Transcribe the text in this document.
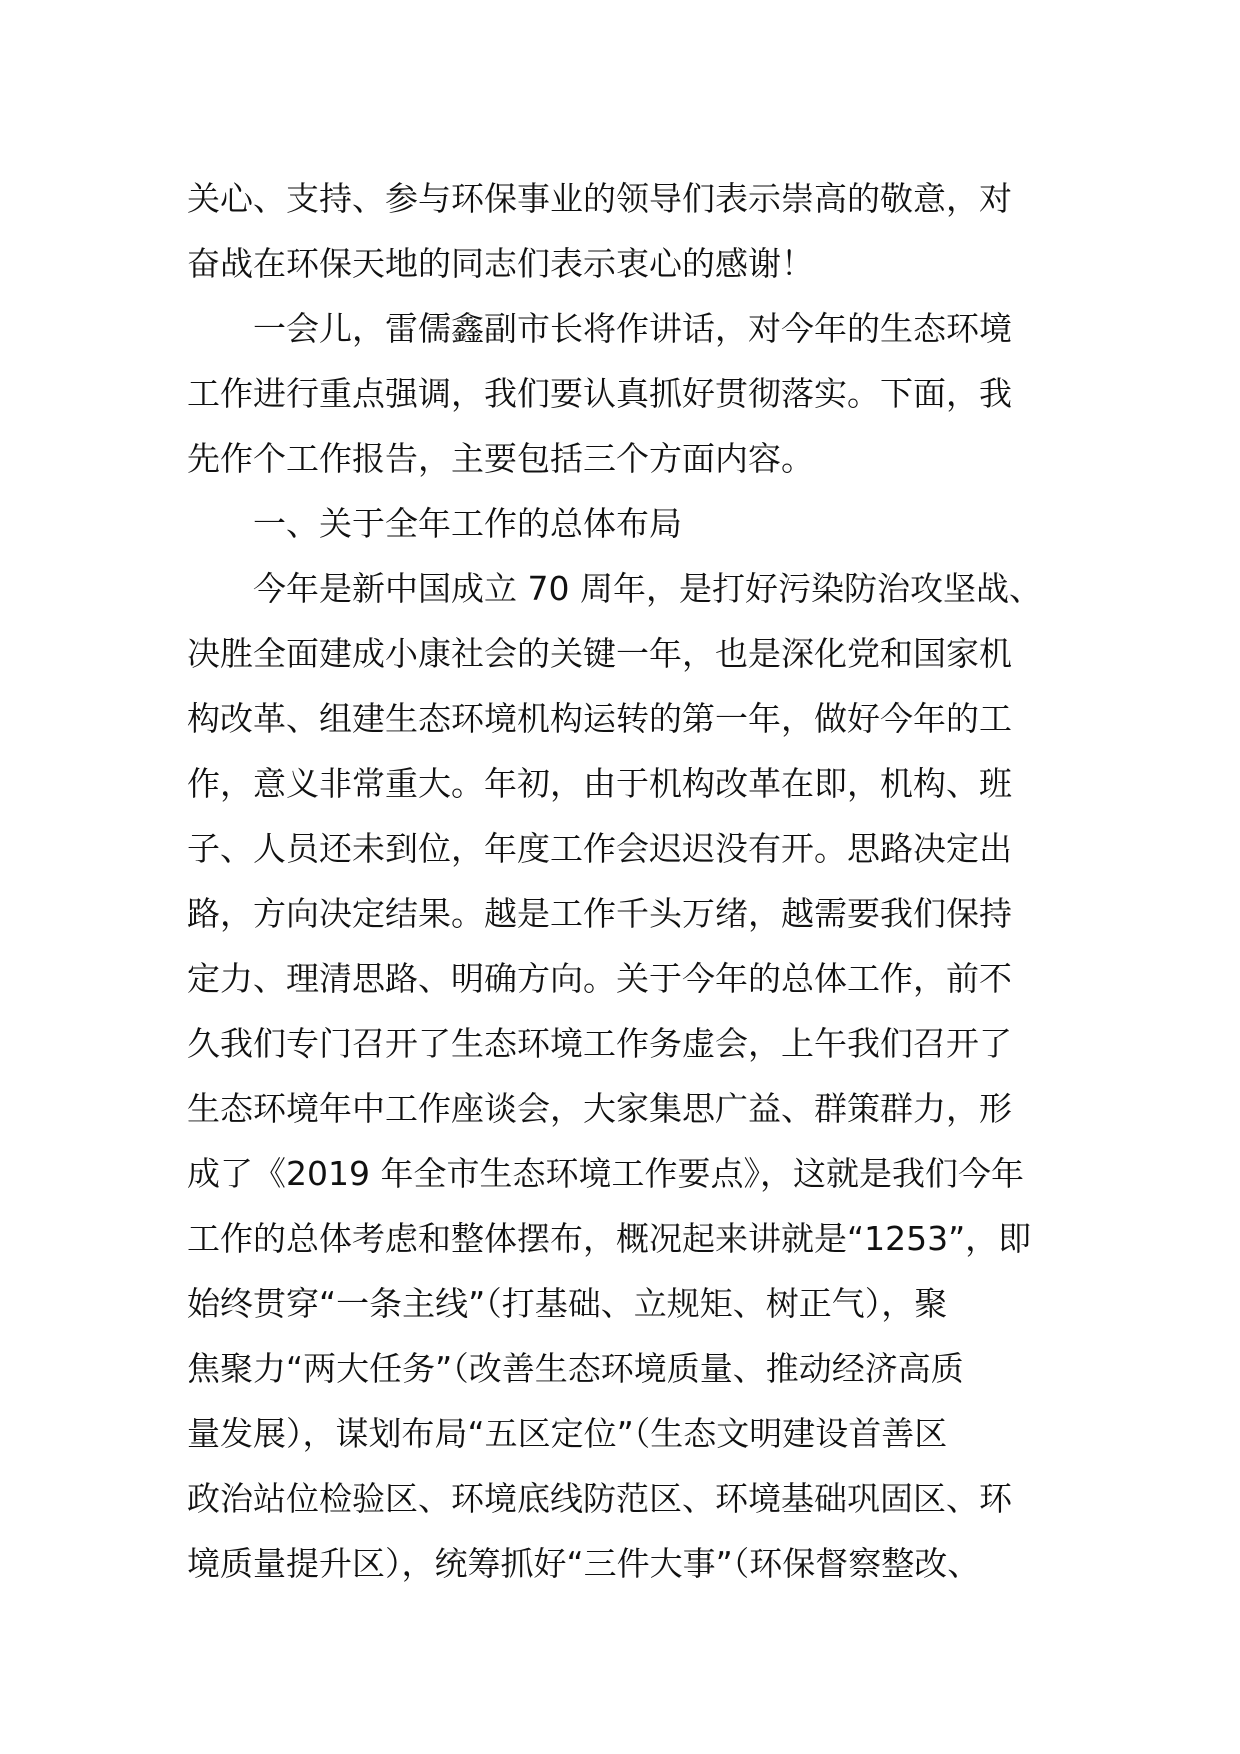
关心、支持、参与环保事业的领导们表示崇高的敬意，对
奋战在环保天地的同志们表示衷心的感谢！
一会儿，雷儒鑫副市长将作讲话，对今年的生态环境
工作进行重点强调，我们要认真抓好贯彻落实。下面，我
先作个工作报告，主要包括三个方面内容。
一、关于全年工作的总体布局
今年是新中国成立 70 周年，是打好污染防治攻坚战、
决胜全面建成小康社会的关键一年，也是深化党和国家机
构改革、组建生态环境机构运转的第一年，做好今年的工
作，意义非常重大。年初，由于机构改革在即，机构、班
子、人员还未到位，年度工作会迟迟没有开。思路决定出
路，方向决定结果。越是工作千头万绪，越需要我们保持
定力、理清思路、明确方向。关于今年的总体工作，前不
久我们专门召开了生态环境工作务虚会，上午我们召开了
生态环境年中工作座谈会，大家集思广益、群策群力，形
成了《2019 年全市生态环境工作要点》，这就是我们今年
工作的总体考虑和整体摆布，概况起来讲就是“1253”，即
始终贯穿“一条主线”（打基础、立规矩、树正气），聚
焦聚力“两大任务”（改善生态环境质量、推动经济高质
量发展），谋划布局“五区定位”（生态文明建设首善区
政治站位检验区、环境底线防范区、环境基础巩固区、环
境质量提升区），统筹抓好“三件大事”（环保督察整改、
